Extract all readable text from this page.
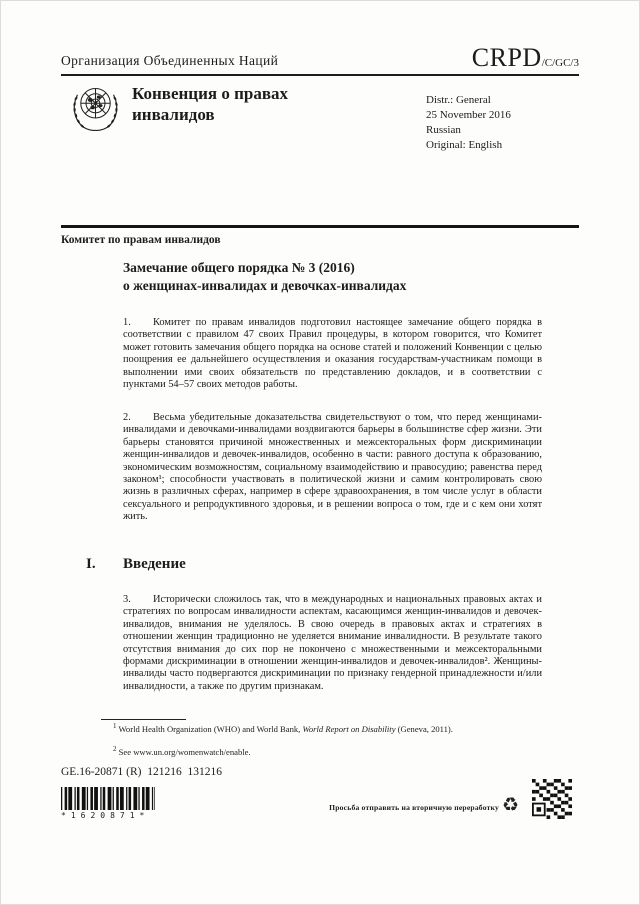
Организация Объединенных Наций	CRPD/C/GC/3
Конвенция о правах
инвалидов
Distr.: General
25 November 2016
Russian
Original: English
Комитет по правам инвалидов
Замечание общего порядка № 3 (2016)
о женщинах-инвалидах и девочках-инвалидах
1. Комитет по правам инвалидов подготовил настоящее замечание общего порядка в соответствии с правилом 47 своих Правил процедуры, в котором говорится, что Комитет может готовить замечания общего порядка на основе статей и положений Конвенции с целью поощрения ее дальнейшего осуществления и оказания государствам-участникам помощи в выполнении ими своих обязательств по представлению докладов, и в соответствии с пунктами 54–57 своих методов работы.
2. Весьма убедительные доказательства свидетельствуют о том, что перед женщинами-инвалидами и девочками-инвалидами воздвигаются барьеры в большинстве сфер жизни. Эти барьеры становятся причиной множественных и межсекторальных форм дискриминации женщин-инвалидов и девочек-инвалидов, особенно в части: равного доступа к образованию, экономическим возможностям, социальному взаимодействию и правосудию; равенства перед законом¹; способности участвовать в политической жизни и самим контролировать свою жизнь в различных сферах, например в сфере здравоохранения, в том числе услуг в области сексуального и репродуктивного здоровья, и в решении вопроса о том, где и с кем они хотят жить.
I. Введение
3. Исторически сложилось так, что в международных и национальных правовых актах и стратегиях по вопросам инвалидности аспектам, касающимся женщин-инвалидов и девочек-инвалидов, внимания не уделялось. В свою очередь в правовых актах и стратегиях в отношении женщин традиционно не уделяется внимание инвалидности. В результате такого отсутствия внимания до сих пор не покончено с множественными и межсекторальными формами дискриминации в отношении женщин-инвалидов и девочек-инвалидов². Женщины-инвалиды часто подвергаются дискриминации по признаку гендерной принадлежности и/или инвалидности, а также по другим признакам.
$^1$ World Health Organization (WHO) and World Bank, World Report on Disability (Geneva, 2011).
$^2$ See www.un.org/womenwatch/enable.
GE.16-20871 (R)  121216  131216
*1620871*
Просьба отправить на вторичную переработку ♻
